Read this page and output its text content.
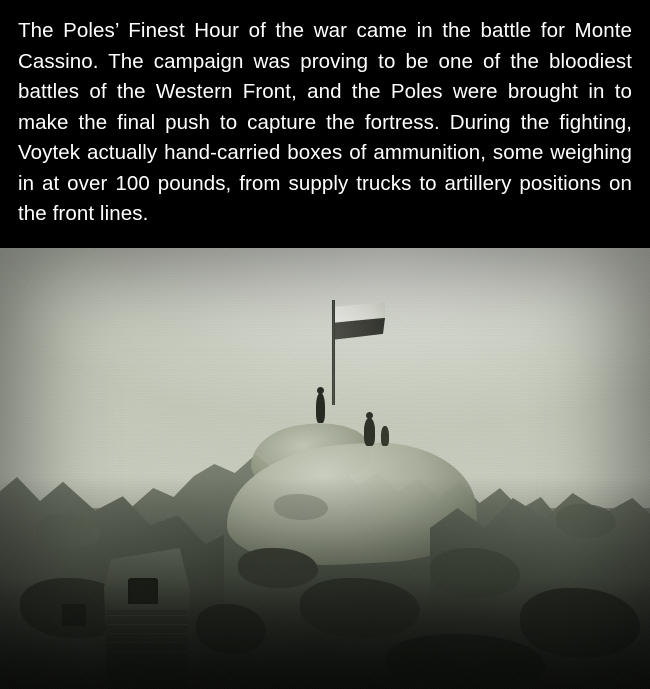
The Poles’ Finest Hour of the war came in the battle for Monte Cassino. The campaign was proving to be one of the bloodiest battles of the Western Front, and the Poles were brought in to make the final push to capture the fortress. During the fighting, Voytek actually hand-carried boxes of ammunition, some weighing in at over 100 pounds, from supply trucks to artillery positions on the front lines.
